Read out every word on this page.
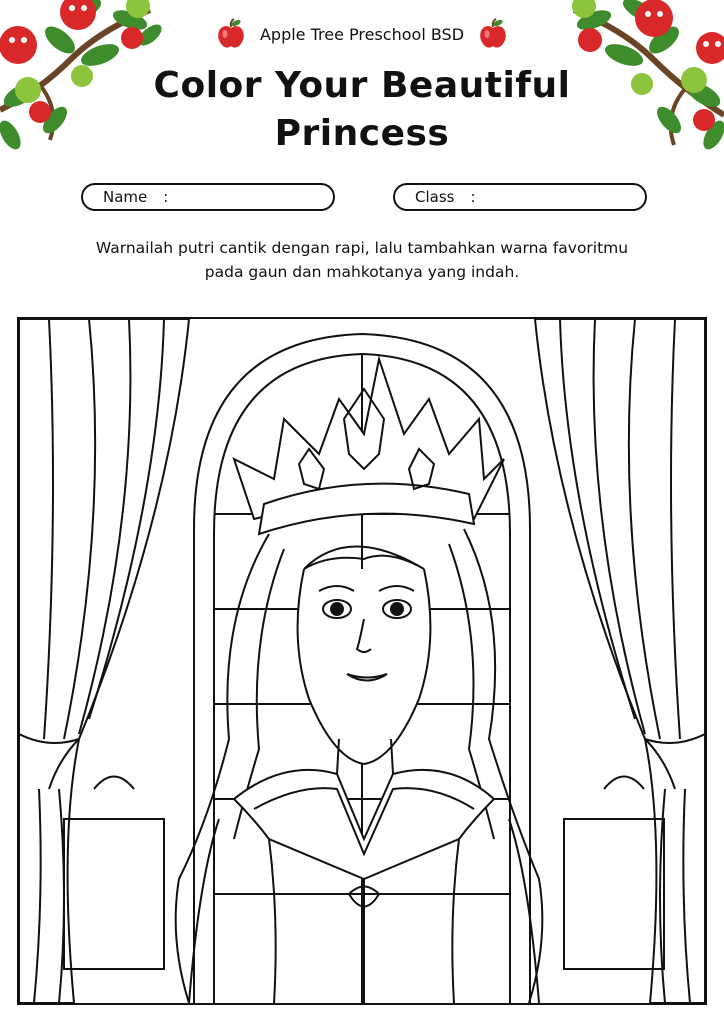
Apple Tree Preschool BSD
Color Your Beautiful
Princess
Name :	Class :
Warnailah putri cantik dengan rapi, lalu tambahkan warna favoritmu
pada gaun dan mahkotanya yang indah.
